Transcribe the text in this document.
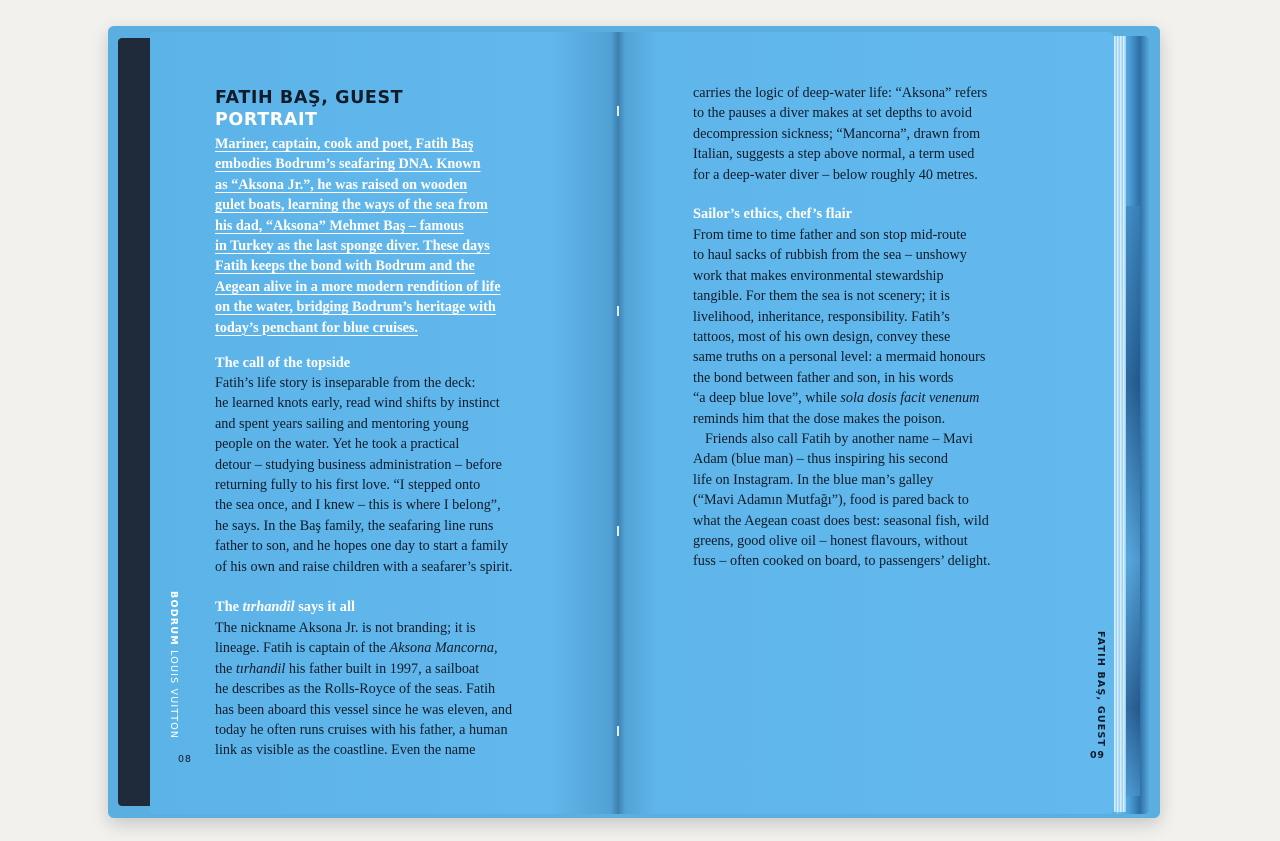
FATIH BAŞ, GUEST
PORTRAIT
Mariner, captain, cook and poet, Fatih Baş
embodies Bodrum’s seafaring DNA. Known
as “Aksona Jr.”, he was raised on wooden
gulet boats, learning the ways of the sea from
his dad, “Aksona” Mehmet Baş – famous
in Turkey as the last sponge diver. These days
Fatih keeps the bond with Bodrum and the
Aegean alive in a more modern rendition of life
on the water, bridging Bodrum’s heritage with
today’s penchant for blue cruises.
The call of the topside
Fatih’s life story is inseparable from the deck:
he learned knots early, read wind shifts by instinct
and spent years sailing and mentoring young
people on the water. Yet he took a practical
detour – studying business administration – before
returning fully to his first love. “I stepped onto
the sea once, and I knew – this is where I belong”,
he says. In the Baş family, the seafaring line runs
father to son, and he hopes one day to start a family
of his own and raise children with a seafarer’s spirit.
The tırhandil says it all
The nickname Aksona Jr. is not branding; it is
lineage. Fatih is captain of the Aksona Mancorna,
the tırhandil his father built in 1997, a sailboat
he describes as the Rolls-Royce of the seas. Fatih
has been aboard this vessel since he was eleven, and
today he often runs cruises with his father, a human
link as visible as the coastline. Even the name
BODRUM LOUIS VUITTON
08
carries the logic of deep-water life: “Aksona” refers
to the pauses a diver makes at set depths to avoid
decompression sickness; “Mancorna”, drawn from
Italian, suggests a step above normal, a term used
for a deep-water diver – below roughly 40 metres.
Sailor’s ethics, chef’s flair
From time to time father and son stop mid-route
to haul sacks of rubbish from the sea – unshowy
work that makes environmental stewardship
tangible. For them the sea is not scenery; it is
livelihood, inheritance, responsibility. Fatih’s
tattoos, most of his own design, convey these
same truths on a personal level: a mermaid honours
the bond between father and son, in his words
“a deep blue love”, while sola dosis facit venenum
reminds him that the dose makes the poison.
Friends also call Fatih by another name – Mavi
Adam (blue man) – thus inspiring his second
life on Instagram. In the blue man’s galley
(“Mavi Adamın Mutfağı”), food is pared back to
what the Aegean coast does best: seasonal fish, wild
greens, good olive oil – honest flavours, without
fuss – often cooked on board, to passengers’ delight.
FATIH BAŞ, GUEST
09
